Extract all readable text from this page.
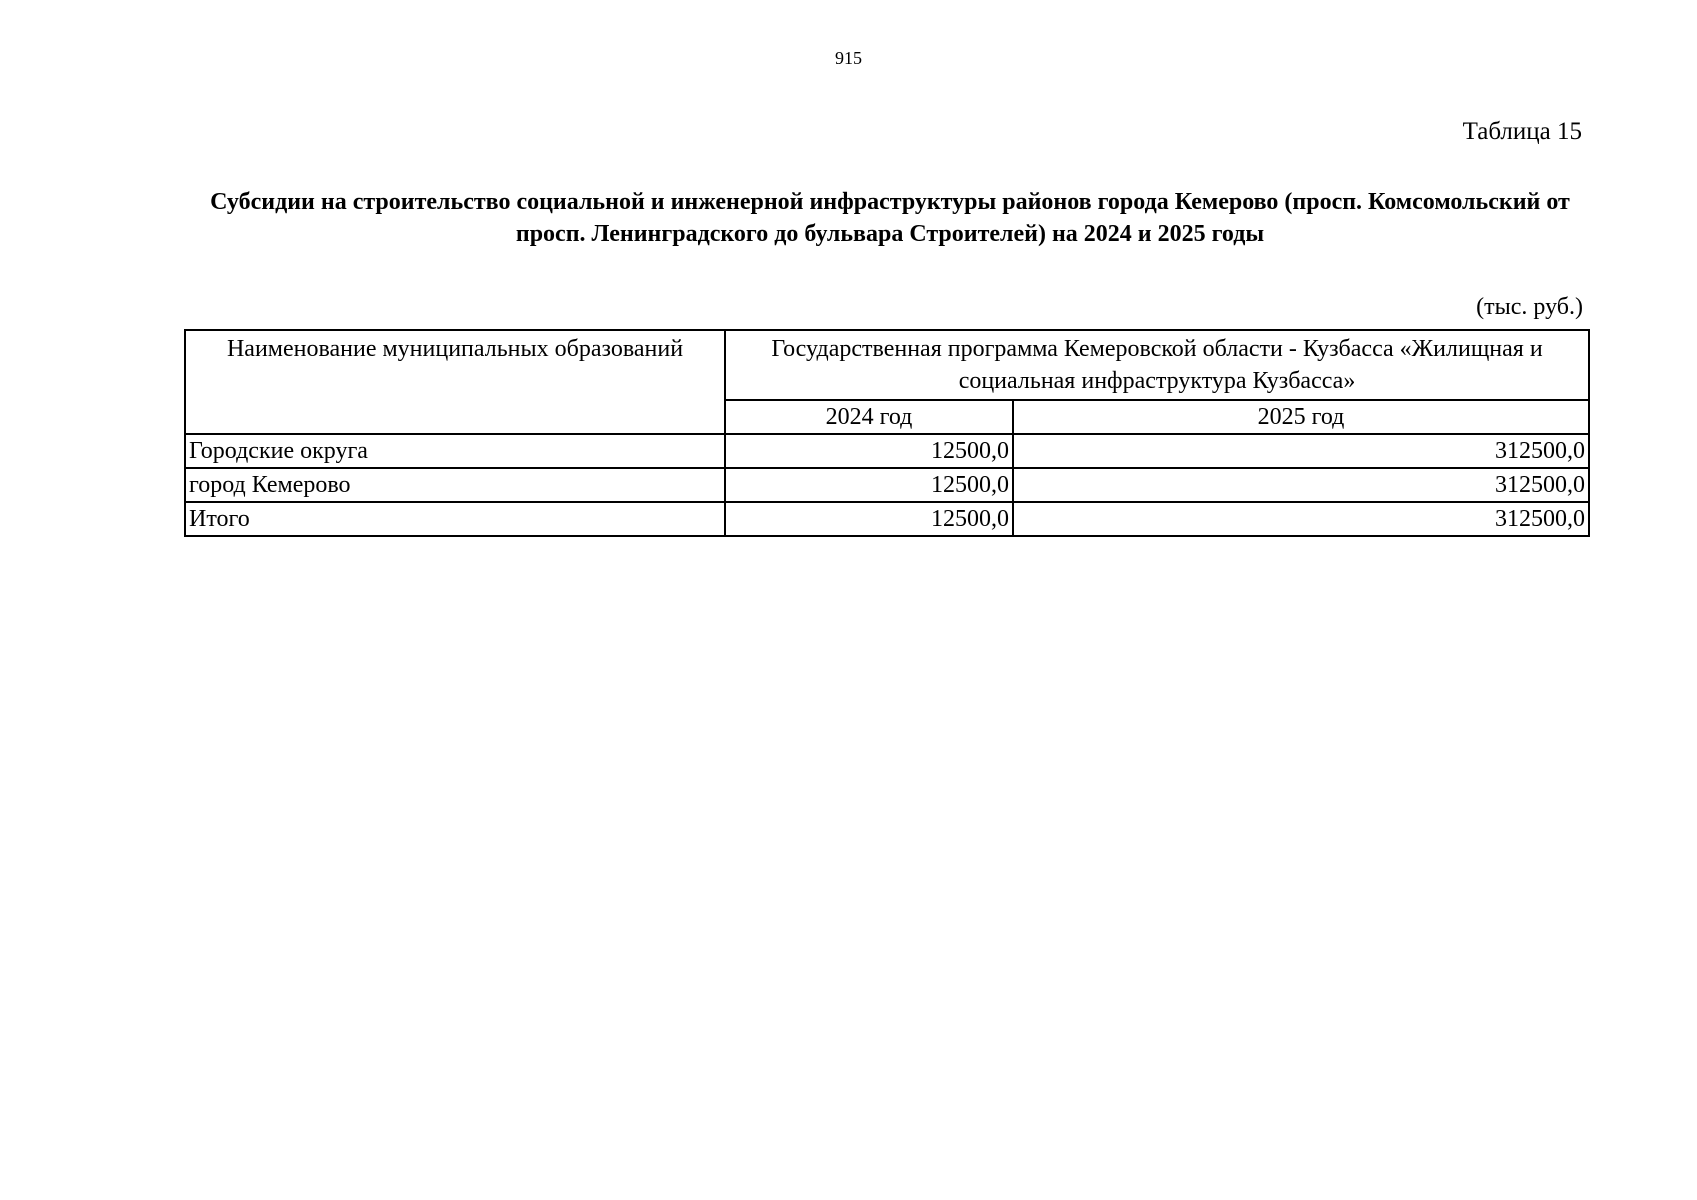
915
Таблица 15
Субсидии на строительство социальной и инженерной инфраструктуры районов города Кемерово (просп. Комсомольский от просп. Ленинградского до бульвара Строителей) на 2024 и 2025 годы
(тыс. руб.)
Наименование муниципальных образований	Государственная программа Кемеровской области - Кузбасса «Жилищная и социальная инфраструктура Кузбасса»	
	2024 год	2025 год
Городские округа	12500,0	312500,0
город Кемерово	12500,0	312500,0
Итого	12500,0	312500,0
